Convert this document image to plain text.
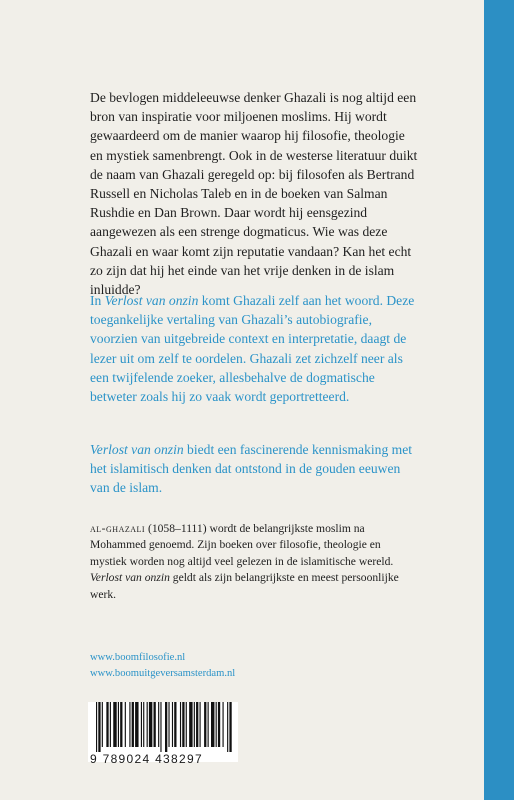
De bevlogen middeleeuwse denker Ghazali is nog altijd een bron van inspiratie voor miljoenen moslims. Hij wordt gewaardeerd om de manier waarop hij filosofie, theologie en mystiek samenbrengt. Ook in de westerse literatuur duikt de naam van Ghazali geregeld op: bij filosofen als Bertrand Russell en Nicholas Taleb en in de boeken van Salman Rushdie en Dan Brown. Daar wordt hij eensgezind aangewezen als een strenge dogmaticus. Wie was deze Ghazali en waar komt zijn reputatie vandaan? Kan het echt zo zijn dat hij het einde van het vrije denken in de islam inluidde?

In Verlost van onzin komt Ghazali zelf aan het woord. Deze toegankelijke vertaling van Ghazali’s autobiografie, voorzien van uitgebreide context en interpretatie, daagt de lezer uit om zelf te oordelen. Ghazali zet zichzelf neer als een twijfelende zoeker, allesbehalve de dogmatische betweter zoals hij zo vaak wordt geportretteerd.

Verlost van onzin biedt een fascinerende kennismaking met het islamitisch denken dat ontstond in de gouden eeuwen van de islam.

al-ghazali (1058–1111) wordt de belangrijkste moslim na Mohammed genoemd. Zijn boeken over filosofie, theologie en mystiek worden nog altijd veel gelezen in de islamitische wereld. Verlost van onzin geldt als zijn belangrijkste en meest persoonlijke werk.

www.boomfilosofie.nl
www.boomuitgeversamsterdam.nl
9 789024 438297
